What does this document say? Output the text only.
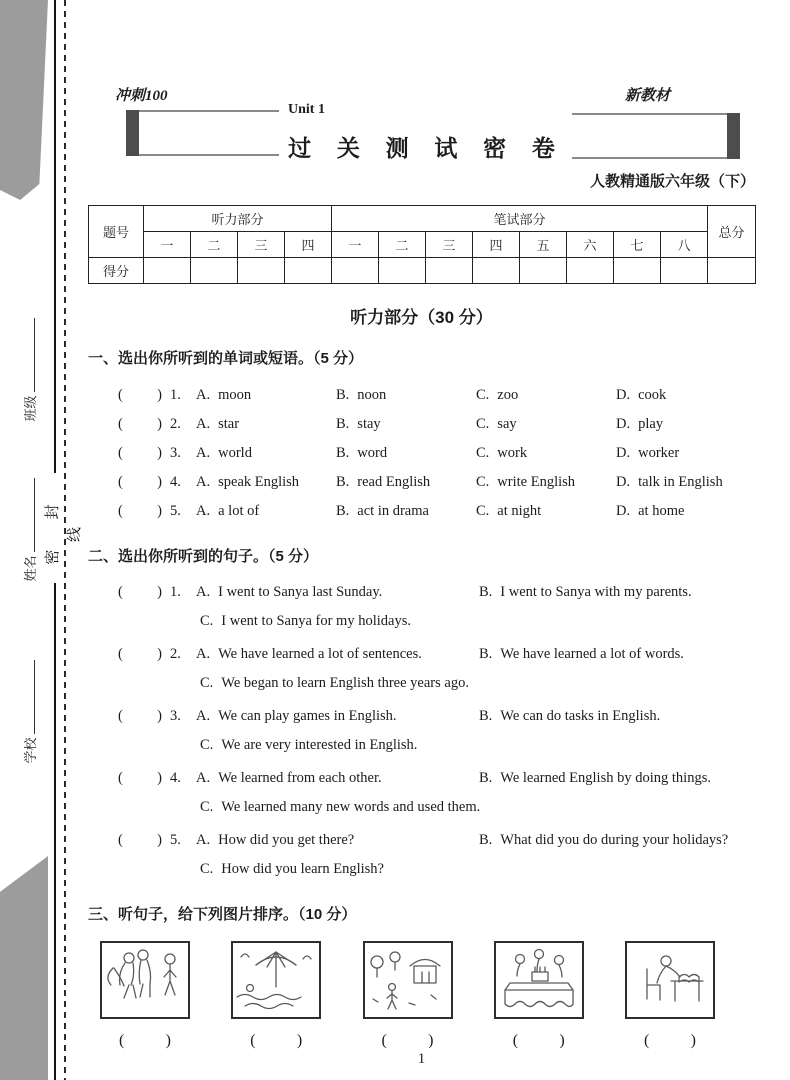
班级
姓名
学校
密 封 线
冲刺100
Unit 1
过 关 测 试 密 卷
新教材
人教精通版六年级（下）
题号	听力部分				笔试部分								总分
	一	二	三	四	一	二	三	四	五	六	七	八	
得分													
听力部分（30 分）
一、选出你所听到的单词或短语。（5 分）
( ) 1.	A. moon	B. noon	C. zoo	D. cook
( ) 2.	A. star	B. stay	C. say	D. play
( ) 3.	A. world	B. word	C. work	D. worker
( ) 4.	A. speak English	B. read English	C. write English	D. talk in English
( ) 5.	A. a lot of	B. act in drama	C. at night	D. at home
二、选出你所听到的句子。（5 分）
( ) 1.	A. I went to Sanya last Sunday.	B. I went to Sanya with my parents.
C. I went to Sanya for my holidays.
( ) 2.	A. We have learned a lot of sentences.	B. We have learned a lot of words.
C. We began to learn English three years ago.
( ) 3.	A. We can play games in English.	B. We can do tasks in English.
C. We are very interested in English.
( ) 4.	A. We learned from each other.	B. We learned English by doing things.
C. We learned many new words and used them.
( ) 5.	A. How did you get there?	B. What did you do during your holidays?
C. How did you learn English?
三、听句子，给下列图片排序。（10 分）
(	)	(	)	(	)	(	)	(	)
1
